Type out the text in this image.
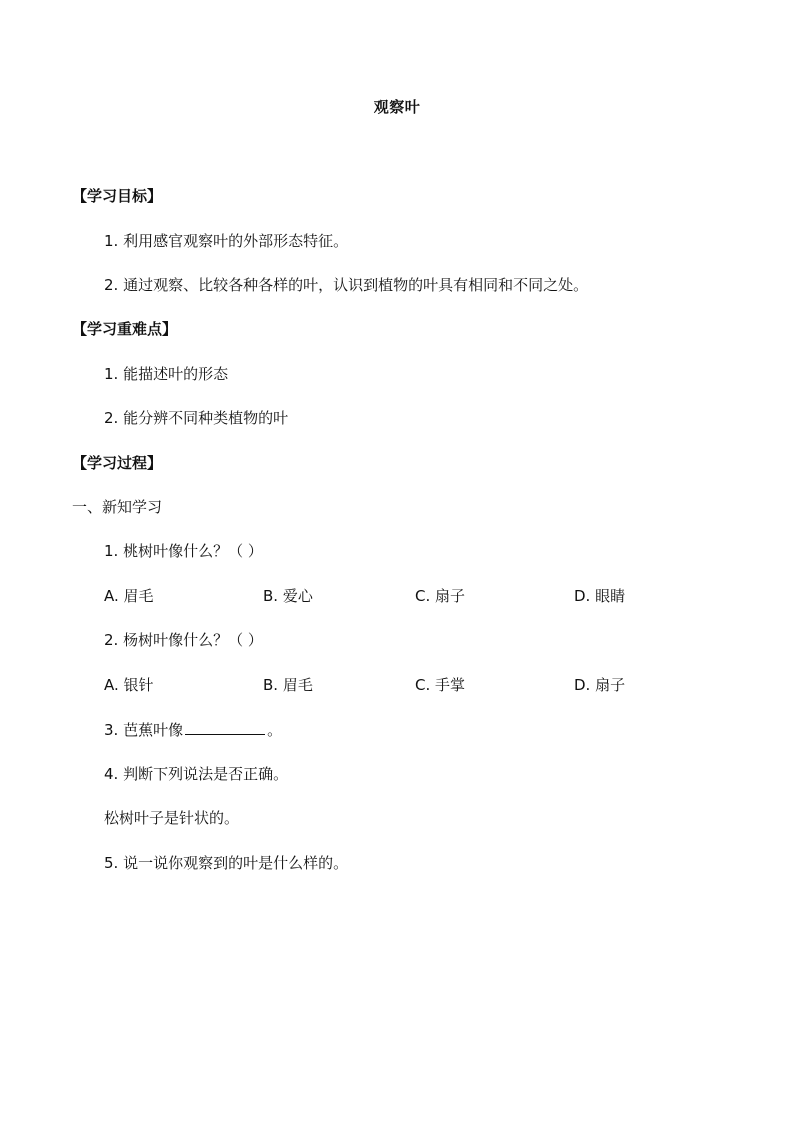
观察叶
【学习目标】
1. 利用感官观察叶的外部形态特征。
2. 通过观察、比较各种各样的叶，认识到植物的叶具有相同和不同之处。
【学习重难点】
1. 能描述叶的形态
2. 能分辨不同种类植物的叶
【学习过程】
一、新知学习
1. 桃树叶像什么？（ ）
A. 眉毛	B. 爱心	C. 扇子	D. 眼睛
2. 杨树叶像什么？（ ）
A. 银针	B. 眉毛	C. 手掌	D. 扇子
3. 芭蕉叶像	。
4. 判断下列说法是否正确。
松树叶子是针状的。
5. 说一说你观察到的叶是什么样的。
